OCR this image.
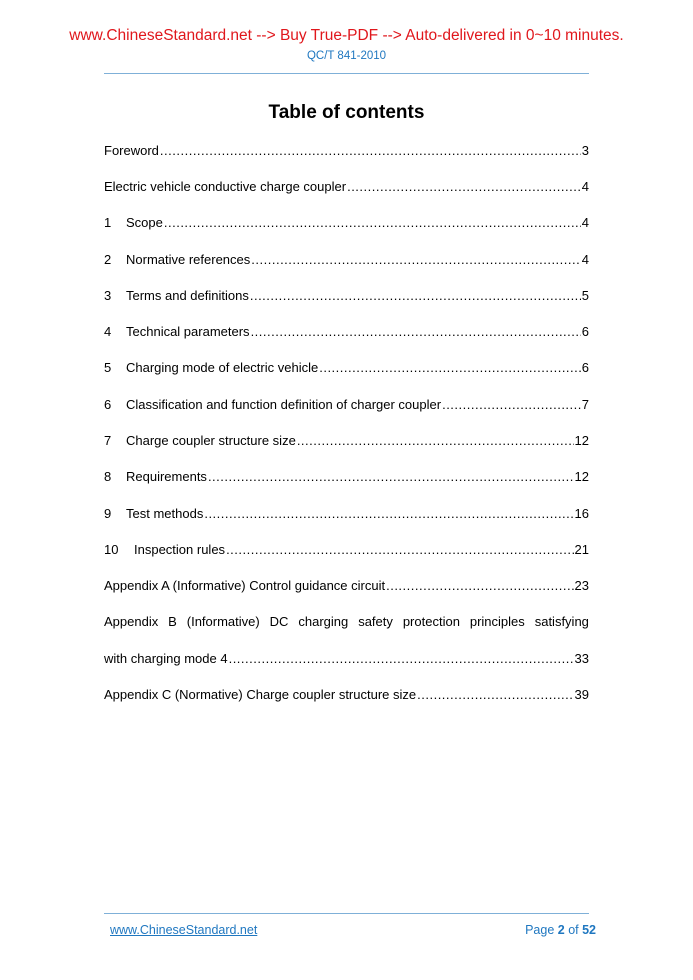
www.ChineseStandard.net --> Buy True-PDF --> Auto-delivered in 0~10 minutes.
QC/T 841-2010
Table of contents
Foreword .....	3
Electric vehicle conductive charge coupler .....	4
1	Scope .....	4
2	Normative references .....	4
3	Terms and definitions .....	5
4	Technical parameters .....	6
5	Charging mode of electric vehicle .....	6
6	Classification and function definition of charger coupler .....	7
7	Charge coupler structure size .....	12
8	Requirements .....	12
9	Test methods .....	16
10	Inspection rules .....	21
Appendix A (Informative) Control guidance circuit .....	23
Appendix B (Informative) DC charging safety protection principles satisfying
with charging mode 4 .....	33
Appendix C (Normative) Charge coupler structure size .....	39
www.ChineseStandard.net	Page 2 of 52
